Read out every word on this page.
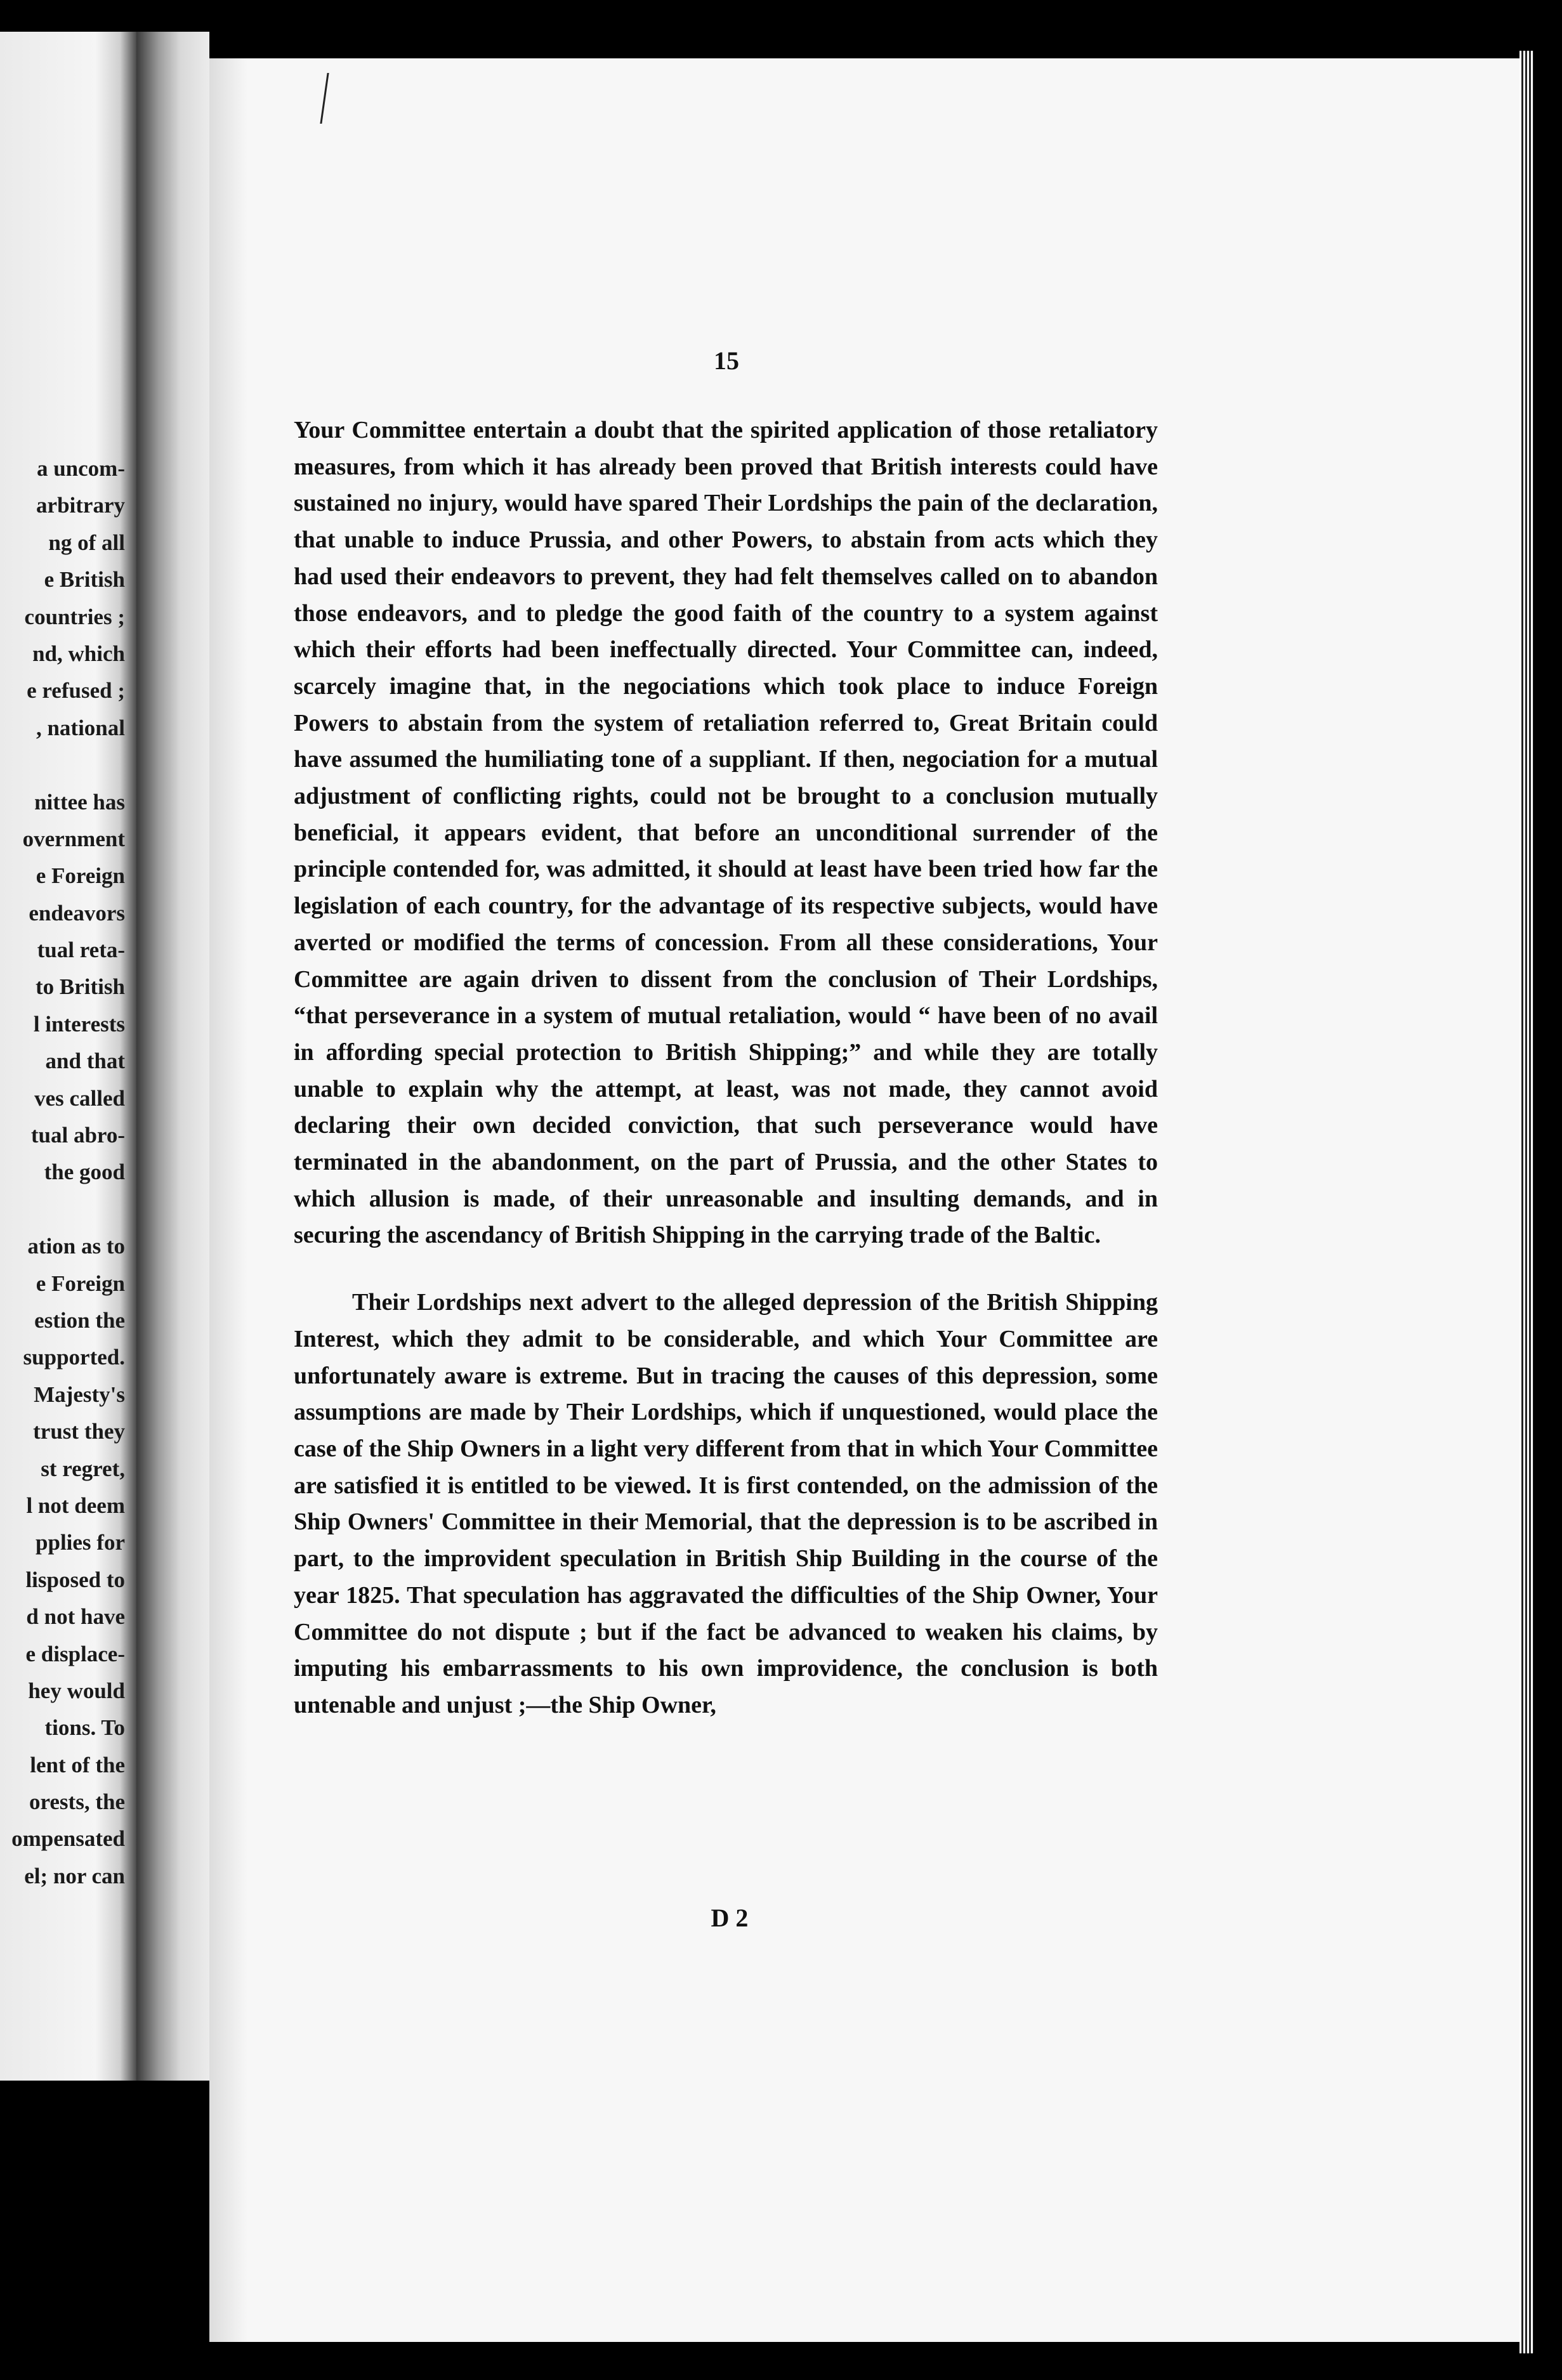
a uncom-
arbitrary
ng of all
e British
countries ;
nd, which
e refused ;
, national
nittee has
overnment
e Foreign
endeavors
tual reta-
to British
l interests
and that
ves called
tual abro-
the good
ation as to
e Foreign
estion the
supported.
Majesty's
trust they
st regret,
l not deem
pplies for
lisposed to
d not have
e displace-
hey would
tions. To
lent of the
orests, the
ompensated
el; nor can
15

Your Committee entertain a doubt that the spirited application of those retaliatory measures, from which it has already been proved that British interests could have sustained no injury, would have spared Their Lordships the pain of the declaration, that unable to induce Prussia, and other Powers, to abstain from acts which they had used their endeavors to prevent, they had felt themselves called on to abandon those endeavors, and to pledge the good faith of the country to a system against which their efforts had been ineffectually directed. Your Committee can, indeed, scarcely imagine that, in the negociations which took place to induce Foreign Powers to abstain from the system of retaliation referred to, Great Britain could have assumed the humiliating tone of a suppliant. If then, negociation for a mutual adjustment of conflicting rights, could not be brought to a conclusion mutually beneficial, it appears evident, that before an unconditional surrender of the principle contended for, was admitted, it should at least have been tried how far the legislation of each country, for the advantage of its respective subjects, would have averted or modified the terms of concession. From all these considerations, Your Committee are again driven to dissent from the conclusion of Their Lordships, “that perseverance in a system of mutual retaliation, would “ have been of no avail in affording special protection to British Shipping;” and while they are totally unable to explain why the attempt, at least, was not made, they cannot avoid declaring their own decided conviction, that such perseverance would have terminated in the abandonment, on the part of Prussia, and the other States to which allusion is made, of their unreasonable and insulting demands, and in securing the ascendancy of British Shipping in the carrying trade of the Baltic.

Their Lordships next advert to the alleged depression of the British Shipping Interest, which they admit to be considerable, and which Your Committee are unfortunately aware is extreme. But in tracing the causes of this depression, some assumptions are made by Their Lordships, which if unquestioned, would place the case of the Ship Owners in a light very different from that in which Your Committee are satisfied it is entitled to be viewed. It is first contended, on the admission of the Ship Owners' Committee in their Memorial, that the depression is to be ascribed in part, to the improvident speculation in British Ship Building in the course of the year 1825. That speculation has aggravated the difficulties of the Ship Owner, Your Committee do not dispute ; but if the fact be advanced to weaken his claims, by imputing his embarrassments to his own improvidence, the conclusion is both untenable and unjust ;—the Ship Owner,

D 2
